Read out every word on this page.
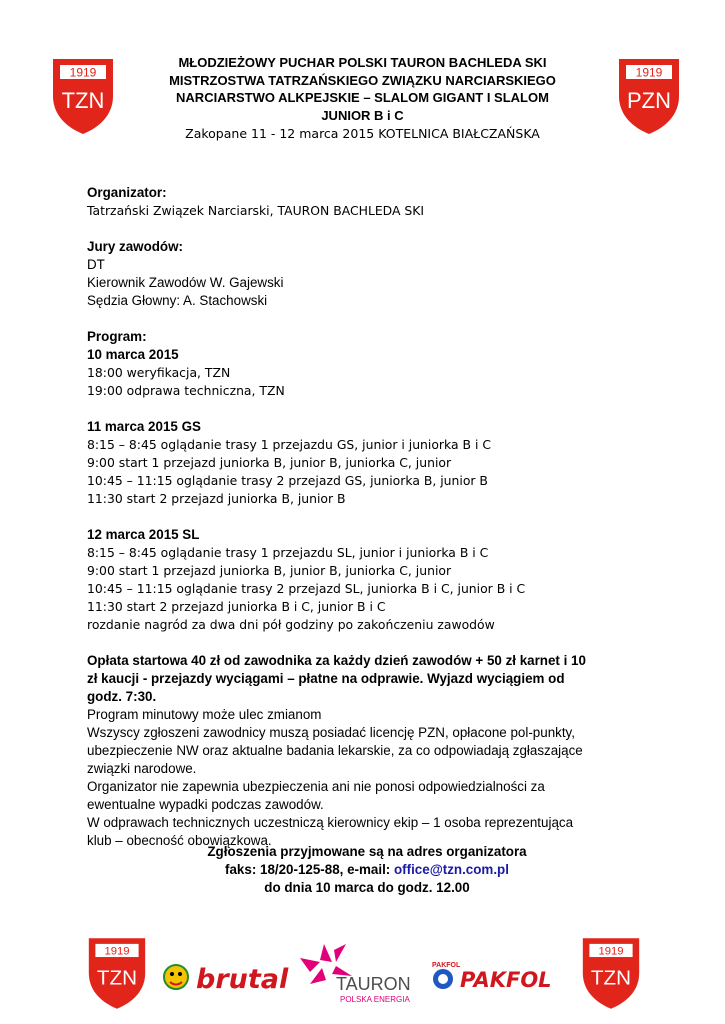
1919
TZN
1919
PZN
MŁODZIEŻOWY PUCHAR POLSKI TAURON BACHLEDA SKI
MISTRZOSTWA TATRZAŃSKIEGO ZWIĄZKU NARCIARSKIEGO
NARCIARSTWO ALKPEJSKIE – SLALOM GIGANT I SLALOM
JUNIOR B i C
Zakopane 11 - 12 marca 2015 KOTELNICA BIAŁCZAŃSKA
Organizator:
Tatrzański Związek Narciarski, TAURON BACHLEDA SKI
Jury zawodów:
DT
Kierownik Zawodów W. Gajewski
Sędzia Głowny: A. Stachowski
Program:
10 marca 2015
18:00 weryfikacja, TZN
19:00 odprawa techniczna, TZN
11 marca 2015 GS
8:15 – 8:45 oglądanie trasy 1 przejazdu GS, junior i juniorka B i C
9:00 start 1 przejazd juniorka B, junior B, juniorka C, junior
10:45 – 11:15 oglądanie trasy 2 przejazd GS, juniorka B, junior B
11:30 start 2 przejazd juniorka B, junior B
12 marca 2015 SL
8:15 – 8:45 oglądanie trasy 1 przejazdu SL, junior i juniorka B i C
9:00 start 1 przejazd juniorka B, junior B, juniorka C, junior
10:45 – 11:15 oglądanie trasy 2 przejazd SL, juniorka B i C, junior B i C
11:30 start 2 przejazd juniorka B i C, junior B i C
rozdanie nagród za dwa dni pół godziny po zakończeniu zawodów
Opłata startowa 40 zł od zawodnika za każdy dzień zawodów + 50 zł karnet i 10
zł kaucji - przejazdy wyciągami – płatne na odprawie. Wyjazd wyciągiem od
godz. 7:30.
Program minutowy może ulec zmianom
Wszyscy zgłoszeni zawodnicy muszą posiadać licencję PZN, opłacone pol-punkty,
ubezpieczenie NW oraz aktualne badania lekarskie, za co odpowiadają zgłaszające
związki narodowe.
Organizator nie zapewnia ubezpieczenia ani nie ponosi odpowiedzialności za
ewentualne wypadki podczas zawodów.
W odprawach technicznych uczestniczą kierownicy ekip – 1 osoba reprezentująca
klub – obecność obowiązkowa.
Zgłoszenia przyjmowane są na adres organizatora
faks: 18/20-125-88, e-mail: office@tzn.com.pl
do dnia 10 marca do godz. 12.00
1919
TZN brutal	TAURON
POLSKA ENERGIA
PAKFOL
PAKFOL
1919
TZN
